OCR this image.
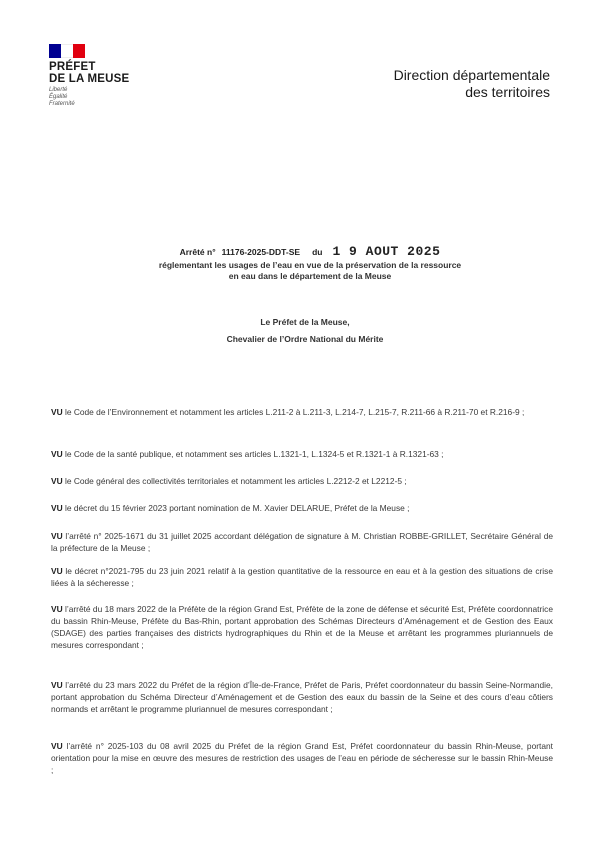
PRÉFET
DE LA MEUSE
Liberté
Égalité
Fraternité
Direction départementale
des territoires
Arrêté n° 11176-2025-DDT-SE du 1 9 AOUT 2025
réglementant les usages de l’eau en vue de la préservation de la ressource
en eau dans le département de la Meuse
Le Préfet de la Meuse,
Chevalier de l’Ordre National du Mérite

VU le Code de l’Environnement et notamment les articles L.211-2 à L.211-3, L.214-7, L.215-7, R.211-66 à R.211-70 et R.216-9 ;

VU le Code de la santé publique, et notamment ses articles L.1321-1, L.1324-5 et R.1321-1 à R.1321-63 ;

VU le Code général des collectivités territoriales et notamment les articles L.2212-2 et L2212-5 ;

VU le décret du 15 février 2023 portant nomination de M. Xavier DELARUE, Préfet de la Meuse ;

VU l’arrêté n° 2025-1671 du 31 juillet 2025 accordant délégation de signature à M. Christian ROBBE-GRILLET, Secrétaire Général de la préfecture de la Meuse ;

VU le décret n°2021-795 du 23 juin 2021 relatif à la gestion quantitative de la ressource en eau et à la gestion des situations de crise liées à la sécheresse ;

VU l’arrêté du 18 mars 2022 de la Préfète de la région Grand Est, Préfète de la zone de défense et sécurité Est, Préfète coordonnatrice du bassin Rhin-Meuse, Préfète du Bas-Rhin, portant approbation des Schémas Directeurs d’Aménagement et de Gestion des Eaux (SDAGE) des parties françaises des districts hydrographiques du Rhin et de la Meuse et arrêtant les programmes pluriannuels de mesures correspondant ;

VU l’arrêté du 23 mars 2022 du Préfet de la région d’Île-de-France, Préfet de Paris, Préfet coordonnateur du bassin Seine-Normandie, portant approbation du Schéma Directeur d’Aménagement et de Gestion des eaux du bassin de la Seine et des cours d’eau côtiers normands et arrêtant le programme pluriannuel de mesures correspondant ;

VU l’arrêté n° 2025-103 du 08 avril 2025 du Préfet de la région Grand Est, Préfet coordonnateur du bassin Rhin-Meuse, portant orientation pour la mise en œuvre des mesures de restriction des usages de l’eau en période de sécheresse sur le bassin Rhin-Meuse ;
